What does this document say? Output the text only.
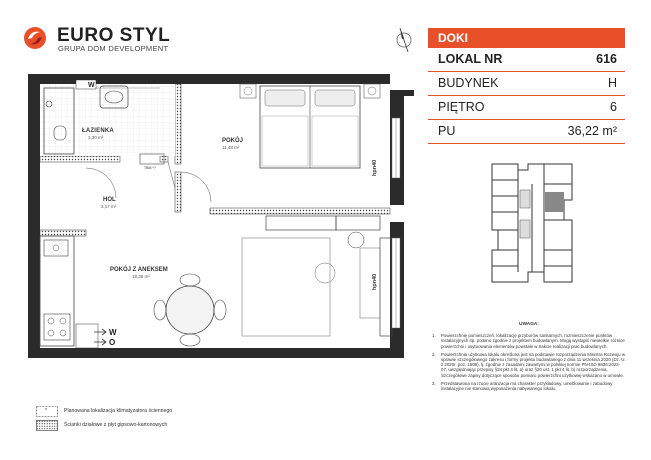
EURO STYL
GRUPA DOM DEVELOPMENT
ŁAZIENKA
3,30 m²
POKÓJ
11,48 m²
HOL
3,17 m²
POKÓJ Z ANEKSEM
18,35 m²
TBM *?
W
W
O
hpn40
hpn40
DOKI
LOKAL NR	616
BUDYNEK	H
PIĘTRO	6
PU	36,22 m²
UWAGA:
1.	Powierzchnię pomieszczeń, lokalizację przyborów sanitarnych, rozmieszczenie punktów instalacyjnych itp. podano zgodnie z projektem budowlanym. Mogą wystąpić niewielkie różnice powierzchni i usytuowania elementów powstałe w trakcie realizacji prac budowlanych.
2.	Powierzchnia użytkowa lokalu określona jest na podstawie rozporządzenia Ministra Rozwoju w sprawie szczegółowego zakresu i formy projektu budowlanego z dnia 11 września 2020 (Dz. U. z 2020r. poz. 1609), tj. zgodnie z zasadami zawartymi w polskiej normie PN-ISO 9836:2022-07, uwzględniając przepisy §34 pkt 4 lit. a) oraz §20 ust. 1 pkt 4 lit. b) rozporządzenia. Szczegółowe zapisy dotyczące sposobu pomiaru powierzchni użytkowej wskazano w umowie.
3.	Przedstawiona na rzucie aranżacja ma charakter przykładowy, umeblowanie i zabudowy instalacyjne nie stanowią wyposażenia nabywanego lokalu.
*	Planowana lokalizacja klimatyzatora ściennego
Ścianki działowe z płyt gipsowo-kartonowych
